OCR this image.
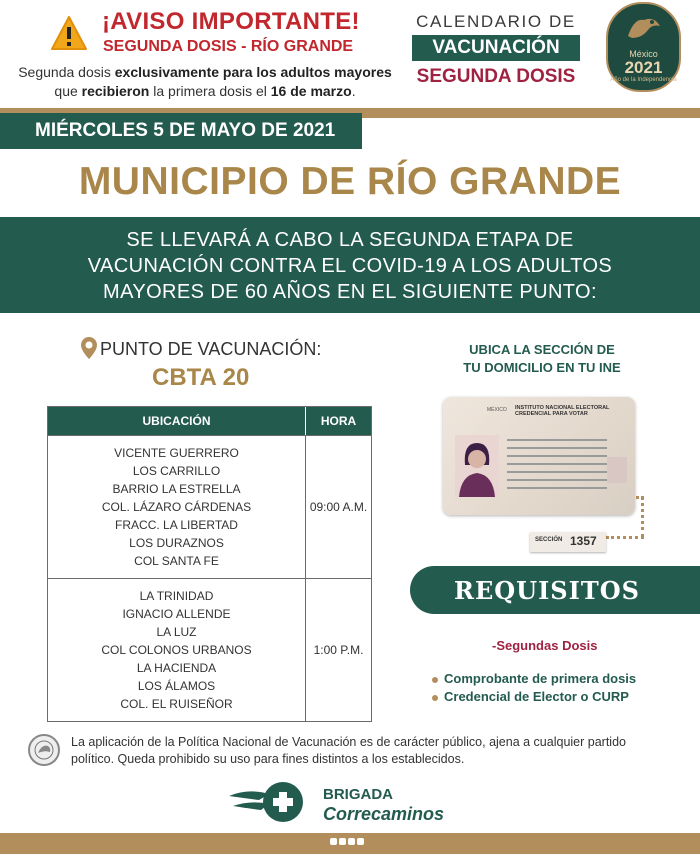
¡AVISO IMPORTANTE!
SEGUNDA DOSIS - RÍO GRANDE
Segunda dosis exclusivamente para los adultos mayores que recibieron la primera dosis el 16 de marzo.
CALENDARIO DE
VACUNACIÓN
SEGUNDA DOSIS
México
2021
Año de la Independencia
MIÉRCOLES 5 DE MAYO DE 2021
MUNICIPIO DE RÍO GRANDE
SE LLEVARÁ A CABO LA SEGUNDA ETAPA DE
VACUNACIÓN CONTRA EL COVID-19 A LOS ADULTOS
MAYORES DE 60 AÑOS EN EL SIGUIENTE PUNTO:
PUNTO DE VACUNACIÓN:
CBTA 20
UBICACIÓN	HORA
VICENTE GUERRERO
LOS CARRILLO
BARRIO LA ESTRELLA
COL. LÁZARO CÁRDENAS
FRACC. LA LIBERTAD
LOS DURAZNOS
COL SANTA FE
09:00 A.M.
LA TRINIDAD
IGNACIO ALLENDE
LA LUZ
COL COLONOS URBANOS
LA HACIENDA
LOS ÁLAMOS
COL. EL RUISEÑOR
1:00 P.M.
UBICA LA SECCIÓN DE
TU DOMICILIO EN TU INE
MÉXICO INSTITUTO NACIONAL ELECTORAL CREDENCIAL PARA VOTAR
SECCIÓN 1357
REQUISITOS
-Segundas Dosis
Comprobante de primera dosis
Credencial de Elector o CURP
La aplicación de la Política Nacional de Vacunación es de carácter público, ajena a cualquier partido político. Queda prohibido su uso para fines distintos a los establecidos.
BRIGADA
Correcaminos
